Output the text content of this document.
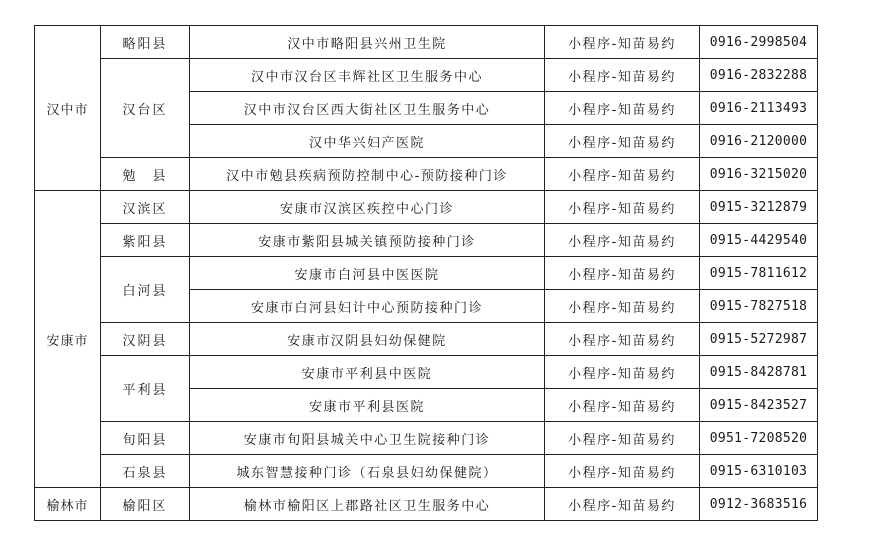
汉中市	略阳县	汉中市略阳县兴州卫生院	小程序-知苗易约	0916-2998504
	汉台区	汉中市汉台区丰辉社区卫生服务中心	小程序-知苗易约	0916-2832288
		汉中市汉台区西大街社区卫生服务中心	小程序-知苗易约	0916-2113493
		汉中华兴妇产医院	小程序-知苗易约	0916-2120000
	勉　县	汉中市勉县疾病预防控制中心-预防接种门诊	小程序-知苗易约	0916-3215020
安康市	汉滨区	安康市汉滨区疾控中心门诊	小程序-知苗易约	0915-3212879
	紫阳县	安康市紫阳县城关镇预防接种门诊	小程序-知苗易约	0915-4429540
	白河县	安康市白河县中医医院	小程序-知苗易约	0915-7811612
		安康市白河县妇计中心预防接种门诊	小程序-知苗易约	0915-7827518
	汉阴县	安康市汉阴县妇幼保健院	小程序-知苗易约	0915-5272987
	平利县	安康市平利县中医院	小程序-知苗易约	0915-8428781
		安康市平利县医院	小程序-知苗易约	0915-8423527
	旬阳县	安康市旬阳县城关中心卫生院接种门诊	小程序-知苗易约	0951-7208520
	石泉县	城东智慧接种门诊（石泉县妇幼保健院）	小程序-知苗易约	0915-6310103
榆林市	榆阳区	榆林市榆阳区上郡路社区卫生服务中心	小程序-知苗易约	0912-3683516
